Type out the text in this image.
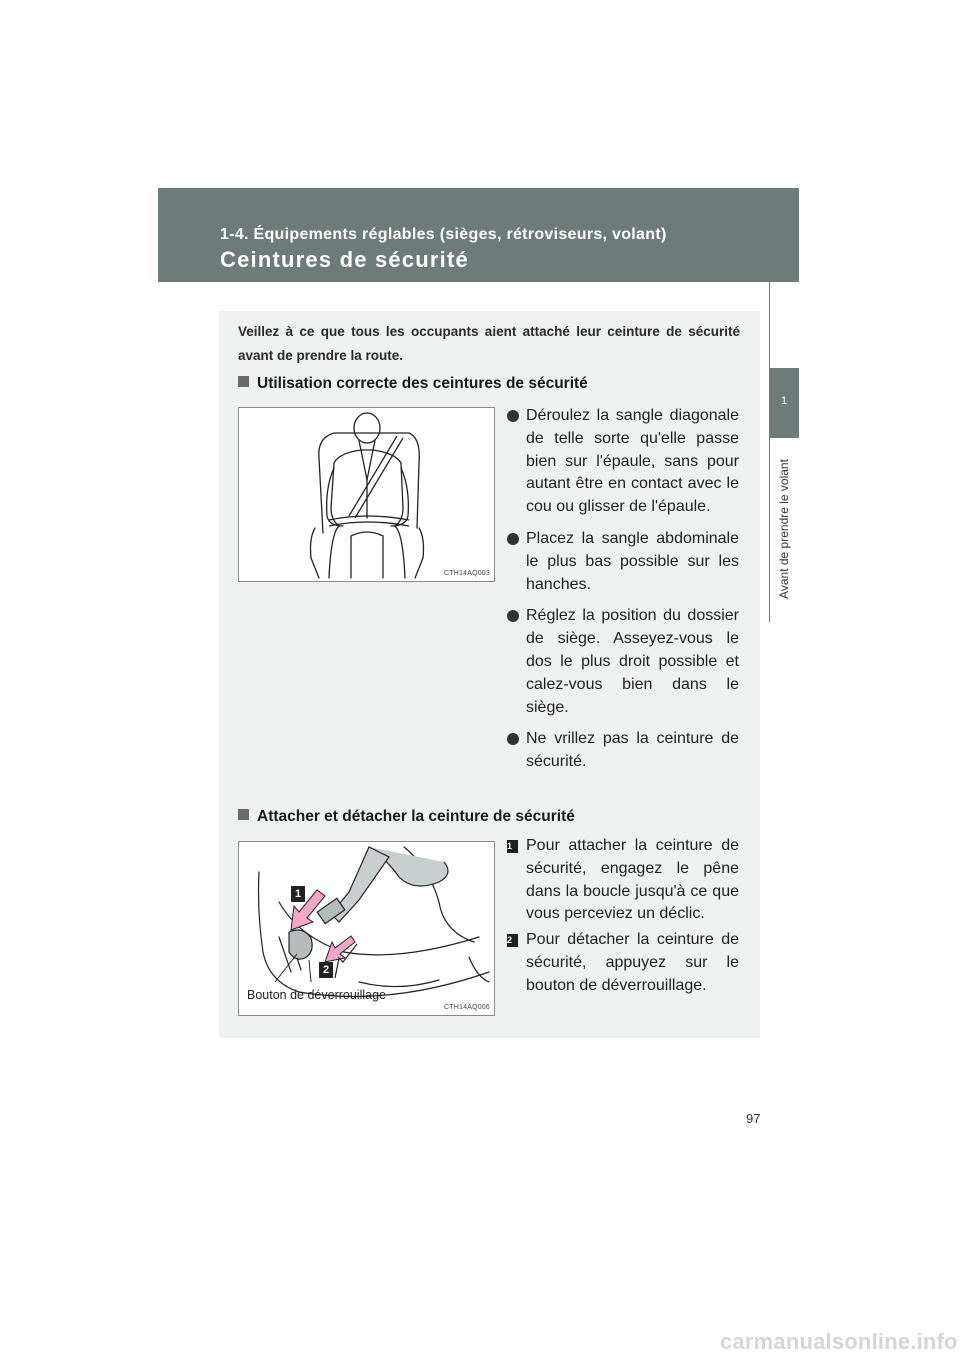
1-4. Équipements réglables (sièges, rétroviseurs, volant)
Ceintures de sécurité
1
Avant de prendre le volant
Veillez à ce que tous les occupants aient attaché leur ceinture de sécurité avant de prendre la route.
Utilisation correcte des ceintures de sécurité
CTH14AQ003
Déroulez la sangle diagonale de telle sorte qu'elle passe bien sur l'épaule, sans pour autant être en contact avec le cou ou glisser de l'épaule.
Placez la sangle abdominale le plus bas possible sur les hanches.
Réglez la position du dossier de siège. Asseyez-vous le dos le plus droit possible et calez-vous bien dans le siège.
Ne vrillez pas la ceinture de sécurité.
Attacher et détacher la ceinture de sécurité
1
2
Bouton de déverrouillage
CTH14AQ006
1 Pour attacher la ceinture de sécurité, engagez le pêne dans la boucle jusqu'à ce que vous perceviez un déclic.
2 Pour détacher la ceinture de sécurité, appuyez sur le bouton de déverrouillage.
97
carmanualsonline.info
